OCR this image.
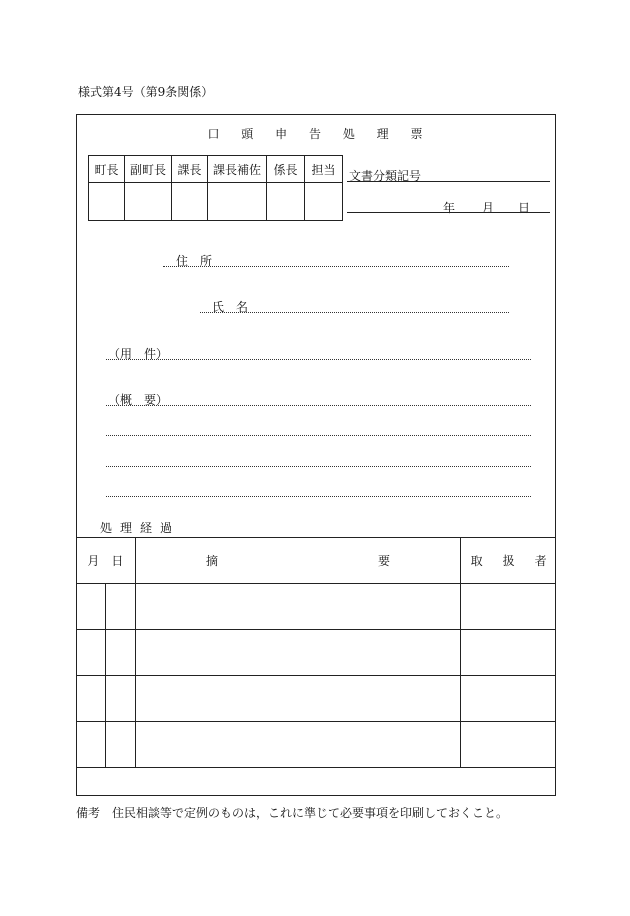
様式第4号（第9条関係）
口 頭 申 告 処 理 票
町長	副町長	課長	課長補佐	係長	担当
					文書分類記号
年 月 日
住 所
氏 名
（用　件）
（概　要）
処 理 経 過
月 日		摘 要	取 扱 者

備考　住民相談等で定例のものは，これに準じて必要事項を印刷しておくこと。
